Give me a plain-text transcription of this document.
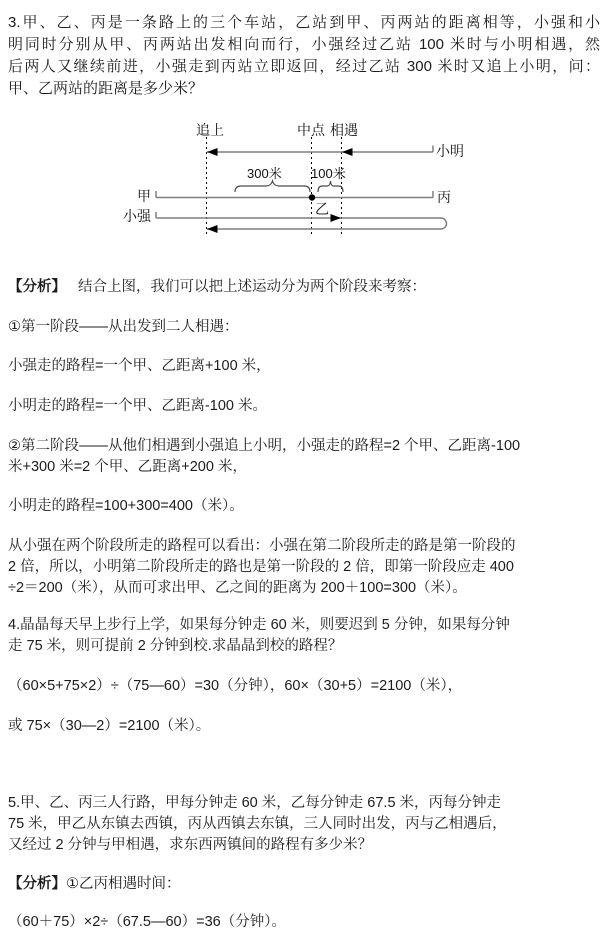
3.甲、乙、丙是一条路上的三个车站，乙站到甲、丙两站的距离相等，小强和小
明同时分别从甲、丙两站出发相向而行，小强经过乙站 100 米时与小明相遇，然
后两人又继续前进，小强走到丙站立即返回，经过乙站 300 米时又追上小明，问：
甲、乙两站的距离是多少米？
追上	中点 相遇
小明
300米 100米
甲	丙
乙
小强
【分析】 结合上图，我们可以把上述运动分为两个阶段来考察：
①第一阶段——从出发到二人相遇：
小强走的路程=一个甲、乙距离+100 米，
小明走的路程=一个甲、乙距离-100 米。
②第二阶段——从他们相遇到小强追上小明，小强走的路程=2 个甲、乙距离-100
米+300 米=2 个甲、乙距离+200 米，
小明走的路程=100+300=400（米）。
从小强在两个阶段所走的路程可以看出：小强在第二阶段所走的路是第一阶段的
2 倍，所以，小明第二阶段所走的路也是第一阶段的 2 倍，即第一阶段应走 400
÷2＝200（米），从而可求出甲、乙之间的距离为 200＋100=300（米）。
4.晶晶每天早上步行上学，如果每分钟走 60 米，则要迟到 5 分钟，如果每分钟
走 75 米，则可提前 2 分钟到校.求晶晶到校的路程？
（60×5+75×2）÷（75—60）=30（分钟），60×（30+5）=2100（米），
或 75×（30—2）=2100（米）。
5.甲、乙、丙三人行路，甲每分钟走 60 米，乙每分钟走 67.5 米，丙每分钟走
75 米，甲乙从东镇去西镇，丙从西镇去东镇，三人同时出发，丙与乙相遇后，
又经过 2 分钟与甲相遇，求东西两镇间的路程有多少米？
【分析】①乙丙相遇时间：
（60＋75）×2÷（67.5—60）=36（分钟）。
